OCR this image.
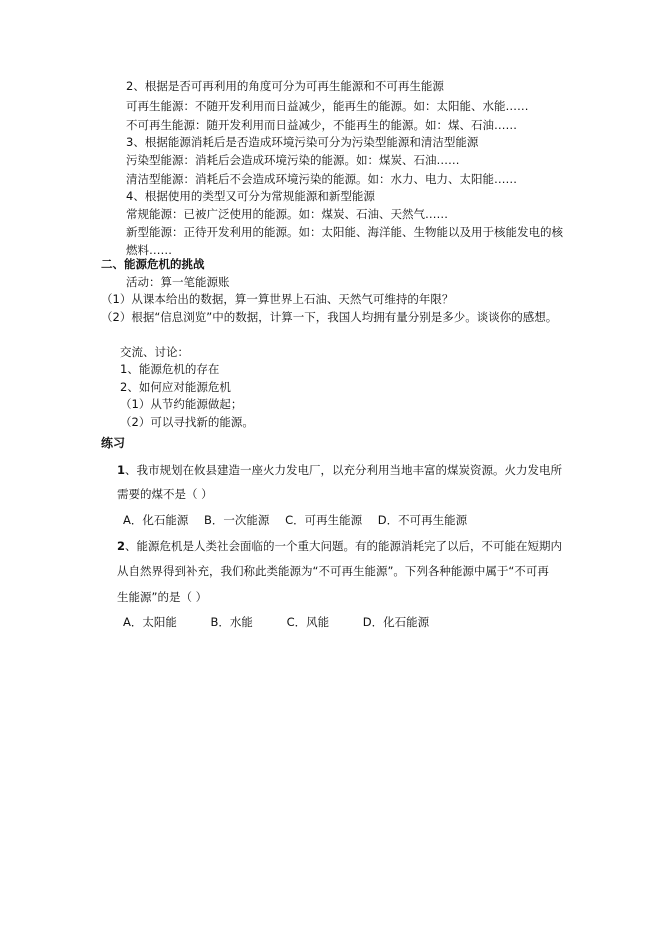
2、根据是否可再利用的角度可分为可再生能源和不可再生能源
可再生能源：不随开发利用而日益减少，能再生的能源。如：太阳能、水能……
不可再生能源：随开发利用而日益减少，不能再生的能源。如：煤、石油……
3、根据能源消耗后是否造成环境污染可分为污染型能源和清洁型能源
污染型能源：消耗后会造成环境污染的能源。如：煤炭、石油……
清洁型能源：消耗后不会造成环境污染的能源。如：水力、电力、太阳能……
4、根据使用的类型又可分为常规能源和新型能源
常规能源：已被广泛使用的能源。如：煤炭、石油、天然气……
新型能源：正待开发利用的能源。如：太阳能、海洋能、生物能以及用于核能发电的核
燃料……
二、能源危机的挑战
活动：算一笔能源账
（1）从课本给出的数据，算一算世界上石油、天然气可维持的年限？
（2）根据“信息浏览”中的数据，计算一下，我国人均拥有量分别是多少。谈谈你的感想。
交流、讨论：
1、能源危机的存在
2、如何应对能源危机
（1）从节约能源做起；
（2）可以寻找新的能源。
练习
1、我市规划在攸县建造一座火力发电厂，以充分利用当地丰富的煤炭资源。火力发电所
需要的煤不是（ ）
A．化石能源 B．一次能源 C．可再生能源 D．不可再生能源
2、能源危机是人类社会面临的一个重大问题。有的能源消耗完了以后，不可能在短期内
从自然界得到补充，我们称此类能源为“不可再生能源”。下列各种能源中属于“不可再
生能源”的是（ ）
A．太阳能	B．水能	C．风能	D．化石能源
